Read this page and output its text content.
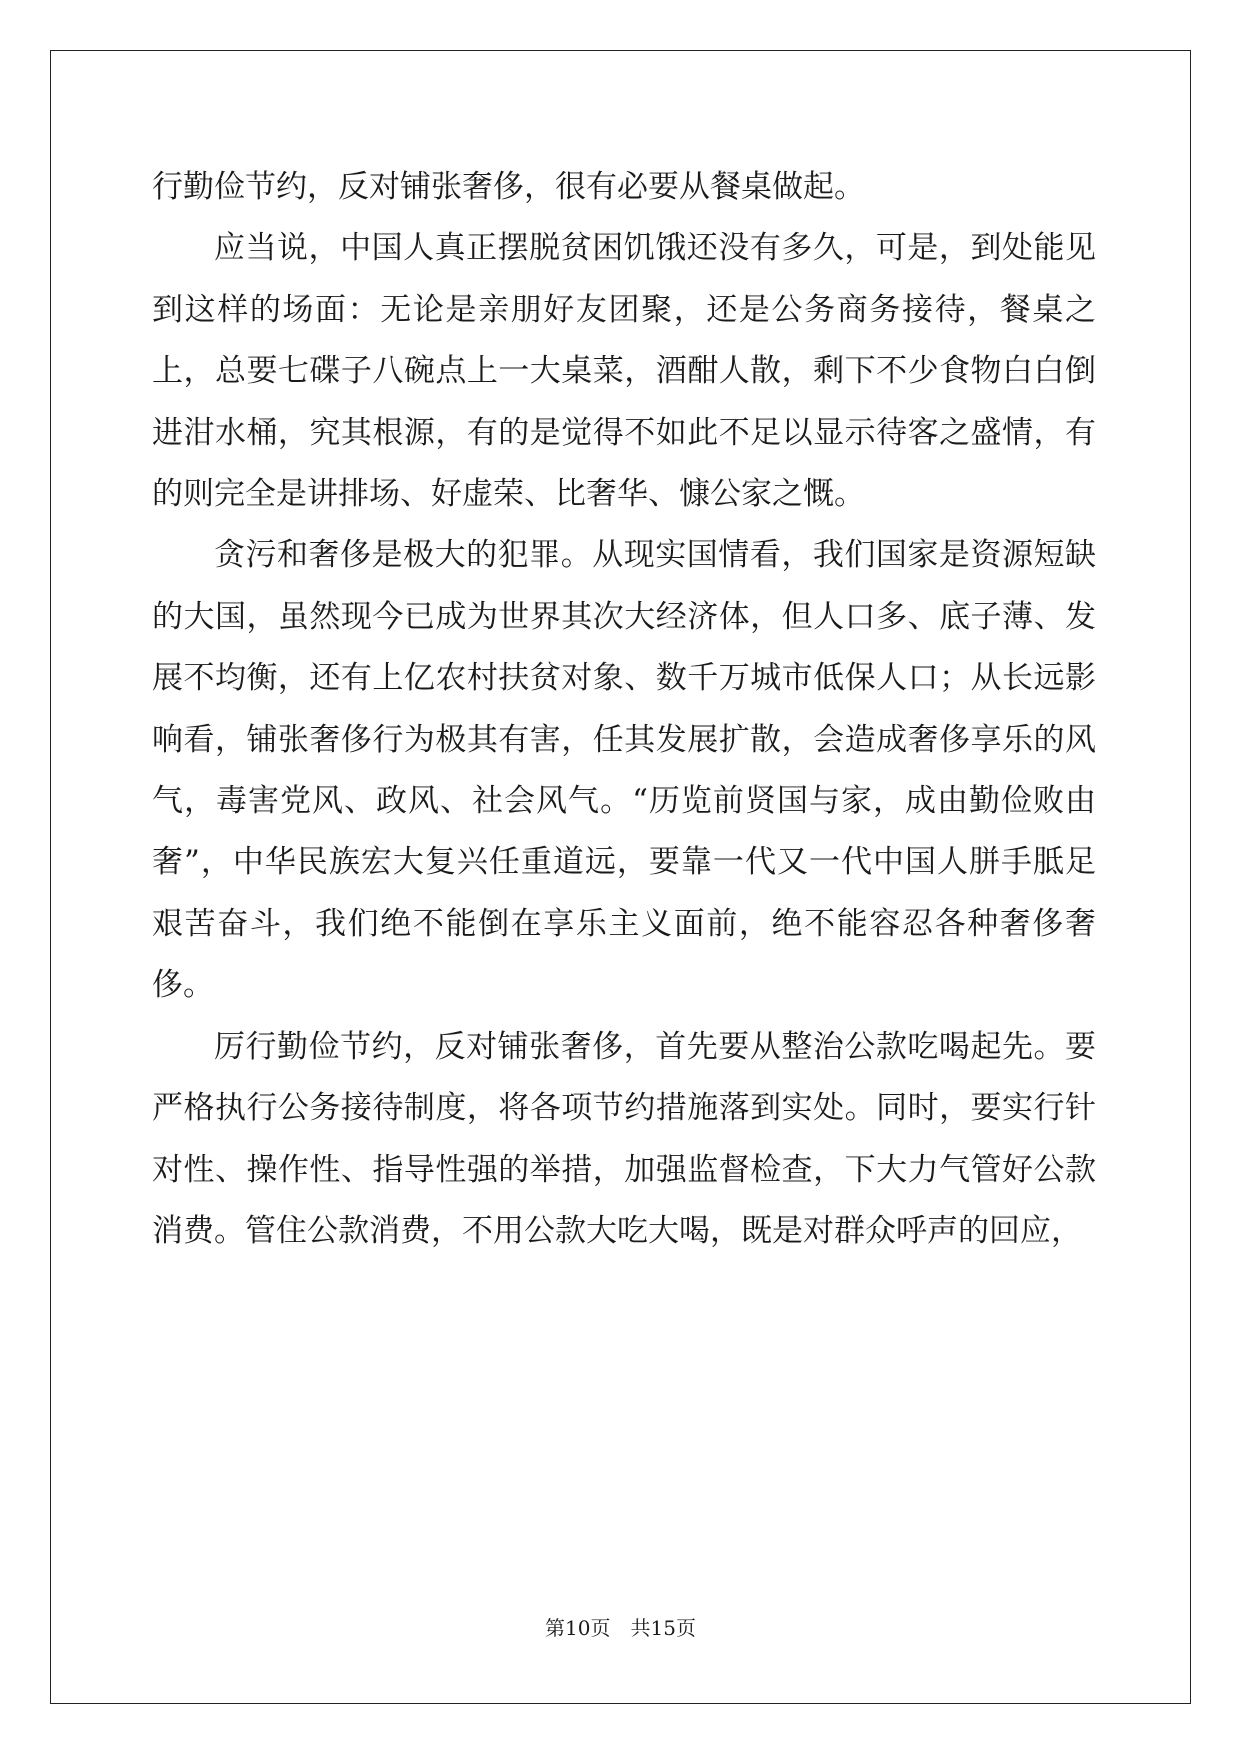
行勤俭节约，反对铺张奢侈，很有必要从餐桌做起。

应当说，中国人真正摆脱贫困饥饿还没有多久，可是，到处能见到这样的场面：无论是亲朋好友团聚，还是公务商务接待，餐桌之上，总要七碟子八碗点上一大桌菜，酒酣人散，剩下不少食物白白倒进泔水桶，究其根源，有的是觉得不如此不足以显示待客之盛情，有的则完全是讲排场、好虚荣、比奢华、慷公家之慨。

贪污和奢侈是极大的犯罪。从现实国情看，我们国家是资源短缺的大国，虽然现今已成为世界其次大经济体，但人口多、底子薄、发展不均衡，还有上亿农村扶贫对象、数千万城市低保人口；从长远影响看，铺张奢侈行为极其有害，任其发展扩散，会造成奢侈享乐的风气，毒害党风、政风、社会风气。“历览前贤国与家，成由勤俭败由奢”，中华民族宏大复兴任重道远，要靠一代又一代中国人胼手胝足艰苦奋斗，我们绝不能倒在享乐主义面前，绝不能容忍各种奢侈奢侈。

厉行勤俭节约，反对铺张奢侈，首先要从整治公款吃喝起先。要严格执行公务接待制度，将各项节约措施落到实处。同时，要实行针对性、操作性、指导性强的举措，加强监督检查，下大力气管好公款消费。管住公款消费，不用公款大吃大喝，既是对群众呼声的回应，

第10页　共15页
